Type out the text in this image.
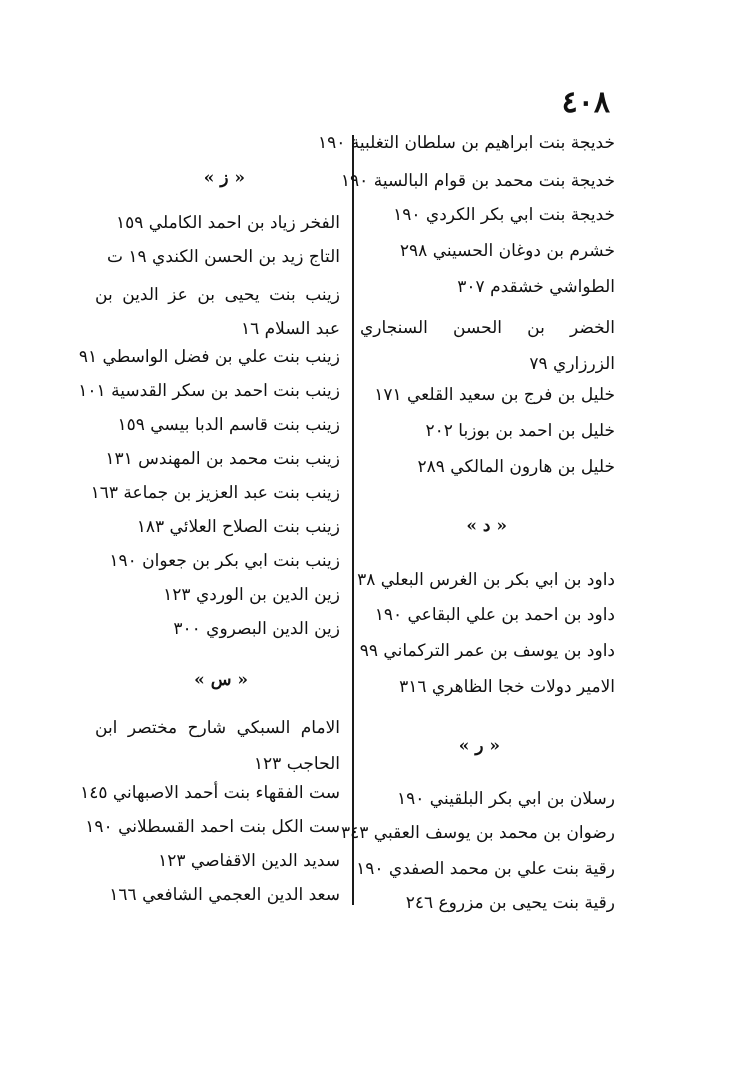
٤٠٨
خديجة بنت ابراهيم بن سلطان التغلبية ١٩٠
خديجة بنت محمد بن قوام البالسية ١٩٠
خديجة بنت ابي بكر الكردي ١٩٠
خشرم بن دوغان الحسيني ٢٩٨
الطواشي خشقدم ٣٠٧
الخضر بن الحسن السنجاري الزرزاري ٧٩
خليل بن فرج بن سعيد القلعي ١٧١
خليل بن احمد بن بوزبا ٢٠٢
خليل بن هارون المالكي ٢٨٩
« د »
داود بن ابي بكر بن الغرس البعلي ٣٨
داود بن احمد بن علي البقاعي ١٩٠
داود بن يوسف بن عمر التركماني ٩٩
الامير دولات خجا الظاهري ٣١٦
« ر »
رسلان بن ابي بكر البلقيني ١٩٠
رضوان بن محمد بن يوسف العقبي ٣٤٣
رقية بنت علي بن محمد الصفدي ١٩٠
رقية بنت يحيى بن مزروع ٢٤٦
« ز »
الفخر زياد بن احمد الكاملي ١٥٩
التاج زيد بن الحسن الكندي ١٩ ت
زينب بنت يحيى بن عز الدين بن عبد السلام ١٦
زينب بنت علي بن فضل الواسطي ٩١
زينب بنت احمد بن سكر القدسية ١٠١
زينب بنت قاسم الدبا بيسي ١٥٩
زينب بنت محمد بن المهندس ١٣١
زينب بنت عبد العزيز بن جماعة ١٦٣
زينب بنت الصلاح العلائي ١٨٣
زينب بنت ابي بكر بن جعوان ١٩٠
زين الدين بن الوردي ١٢٣
زين الدين البصروي ٣٠٠
« س »
الامام السبكي شارح مختصر ابن الحاجب ١٢٣
ست الفقهاء بنت أحمد الاصبهاني ١٤٥
ست الكل بنت احمد القسطلاني ١٩٠
سديد الدين الاقفاصي ١٢٣
سعد الدين العجمي الشافعي ١٦٦
